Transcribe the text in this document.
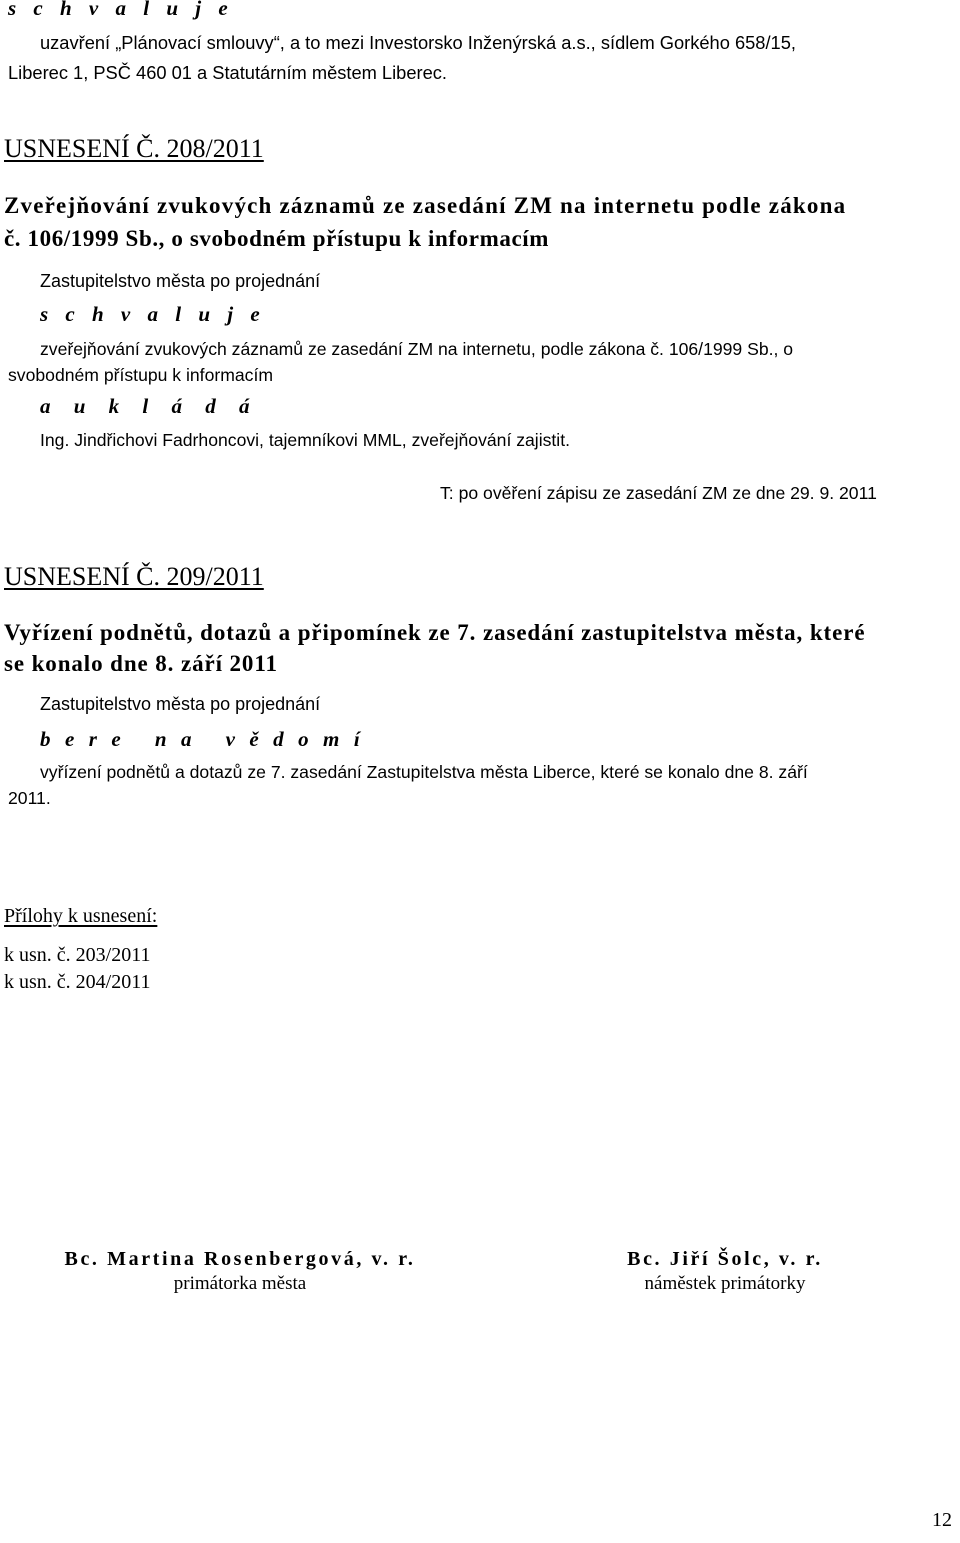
s c h v a l u j e
uzavření „Plánovací smlouvy“, a to mezi Investorsko Inženýrská a.s., sídlem Gorkého 658/15,
Liberec 1, PSČ 460 01 a Statutárním městem Liberec.
USNESENÍ Č. 208/2011
Zveřejňování zvukových záznamů ze zasedání ZM na internetu podle zákona
č. 106/1999 Sb., o svobodném přístupu k informacím
Zastupitelstvo města po projednání
s c h v a l u j e
zveřejňování zvukových záznamů ze zasedání ZM na internetu, podle zákona č. 106/1999 Sb., o
svobodném přístupu k informacím
a u k l á d á
Ing. Jindřichovi Fadrhoncovi, tajemníkovi MML, zveřejňování zajistit.
T: po ověření zápisu ze zasedání ZM ze dne 29. 9. 2011
USNESENÍ Č. 209/2011
Vyřízení podnětů, dotazů a připomínek ze 7. zasedání zastupitelstva města, které
se konalo dne 8. září 2011
Zastupitelstvo města po projednání
b e r e   n a   v ě d o m í
vyřízení podnětů a dotazů ze 7. zasedání Zastupitelstva města Liberce, které se konalo dne 8. září
2011.
Přílohy k usnesení:
k usn. č. 203/2011
k usn. č. 204/2011
Bc. Martina Rosenbergová, v. r.
primátorka města
Bc. Jiří Šolc, v. r.
náměstek primátorky
12
